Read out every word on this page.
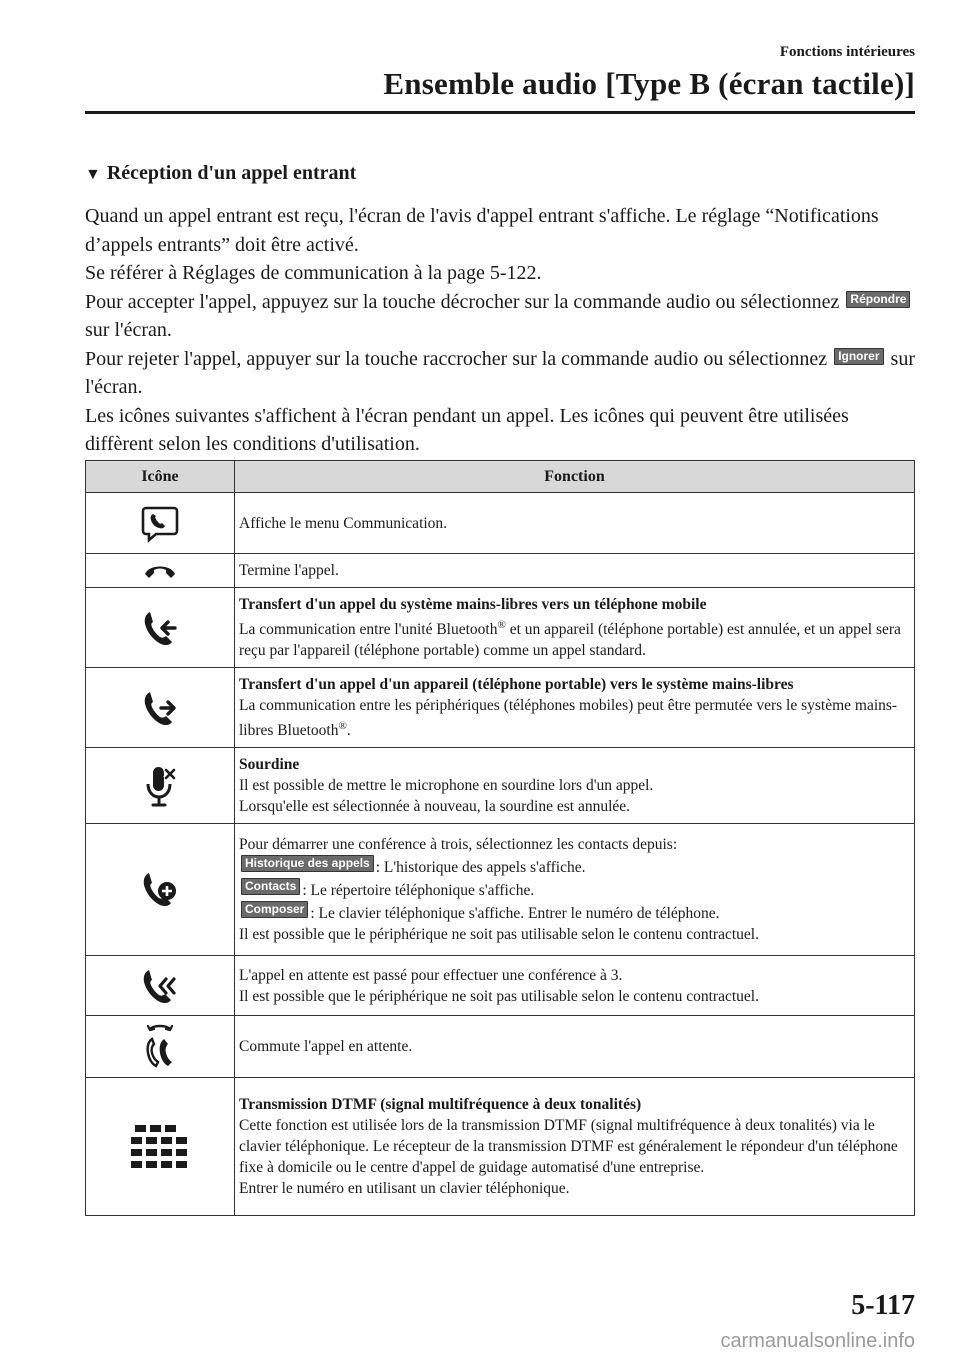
Fonctions intérieures
Ensemble audio [Type B (écran tactile)]
▼ Réception d'un appel entrant

Quand un appel entrant est reçu, l'écran de l'avis d'appel entrant s'affiche. Le réglage “Notifications d’appels entrants” doit être activé.

Se référer à Réglages de communication à la page 5-122.

Pour accepter l'appel, appuyez sur la touche décrocher sur la commande audio ou sélectionnez Répondre sur l'écran.

Pour rejeter l'appel, appuyer sur la touche raccrocher sur la commande audio ou sélectionnez Ignorer sur l'écran.

Les icônes suivantes s'affichent à l'écran pendant un appel. Les icônes qui peuvent être utilisées diffèrent selon les conditions d'utilisation.

Icône	Fonction

	Affiche le menu Communication.

	Termine l'appel.

Transfert d'un appel du système mains-libres vers un téléphone mobile
La communication entre l'unité Bluetooth® et un appareil (téléphone portable) est annulée, et un appel sera reçu par l'appareil (téléphone portable) comme un appel standard.

Transfert d'un appel d'un appareil (téléphone portable) vers le système mains-libres
La communication entre les périphériques (téléphones mobiles) peut être permutée vers le système mains-libres Bluetooth®.

Sourdine
Il est possible de mettre le microphone en sourdine lors d'un appel.
Lorsqu'elle est sélectionnée à nouveau, la sourdine est annulée.

Pour démarrer une conférence à trois, sélectionnez les contacts depuis:
Historique des appels : L'historique des appels s'affiche.
Contacts : Le répertoire téléphonique s'affiche.
Composer : Le clavier téléphonique s'affiche. Entrer le numéro de téléphone.
Il est possible que le périphérique ne soit pas utilisable selon le contenu contractuel.

L'appel en attente est passé pour effectuer une conférence à 3.
Il est possible que le périphérique ne soit pas utilisable selon le contenu contractuel.

	Commute l'appel en attente.

Transmission DTMF (signal multifréquence à deux tonalités)
Cette fonction est utilisée lors de la transmission DTMF (signal multifréquence à deux tonalités) via le clavier téléphonique. Le récepteur de la transmission DTMF est généralement le répondeur d'un téléphone fixe à domicile ou le centre d'appel de guidage automatisé d'une entreprise.
Entrer le numéro en utilisant un clavier téléphonique.
5-117
carmanualsonline.info
